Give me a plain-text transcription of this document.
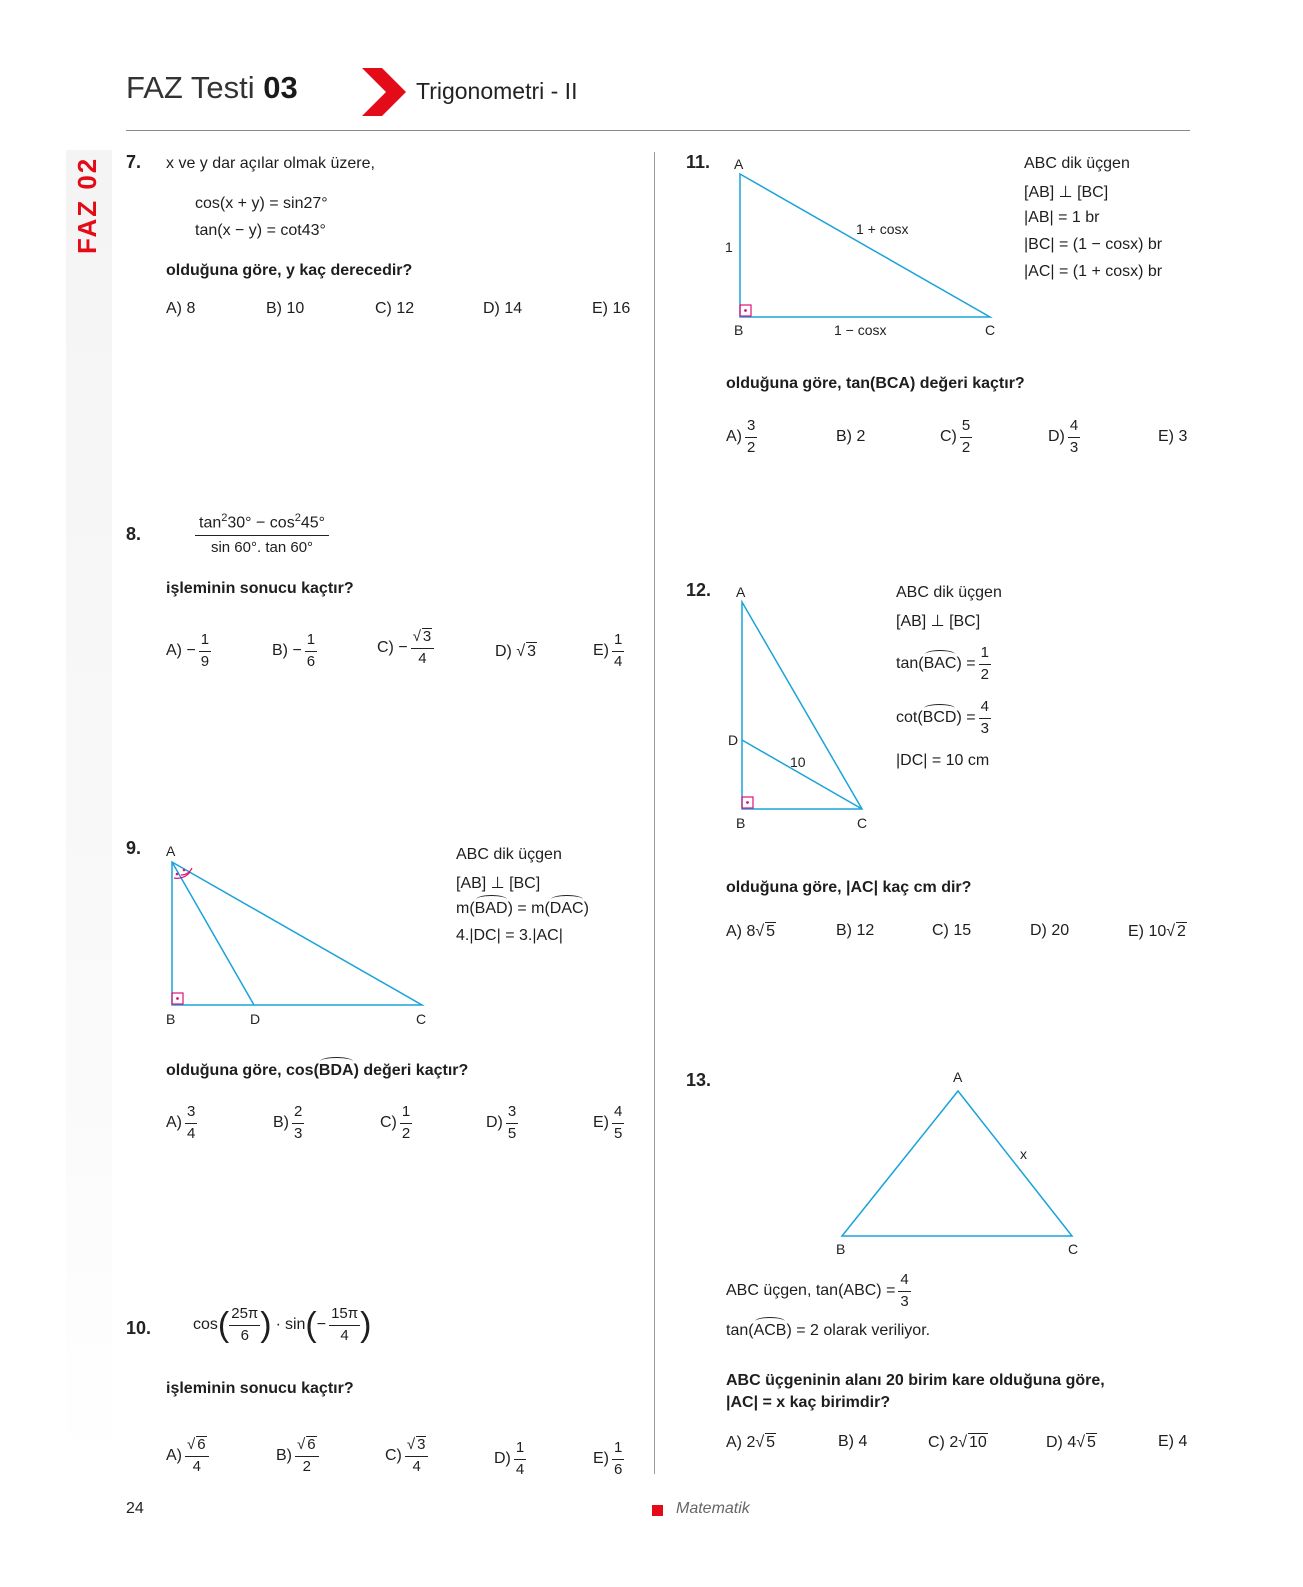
FAZ Testi 03	Trigonometri - II
FAZ 02 7. x ve y dar açılar olmak üzere,
cos(x + y) = sin27°
tan(x − y) = cot43°
olduğuna göre, y kaç derecedir?
A) 8	B) 10	C) 12	D) 14	E) 16
8.	$\frac{\tan^230^\circ - \cos^245^\circ}{\sin 60^\circ. \tan 60^\circ}$
işleminin sonucu kaçtır?
A)
− $\frac{1}{9}$	B)
− $\frac{1}{6}$	C)
− $\frac{√ 3}{4}$	D)
√ 3	$E) \frac{1}{4}$
9. A
B	D	C
ABC dik üçgen
[AB] ⊥ [BC]
m(BAD) = m(DAC)
4.|DC| = 3.|AC|
olduğuna göre, cos(BDA) değeri kaçtır?
$A) \frac{3}{4}$	$B) \frac{2}{3}$	$C) \frac{1}{2}$	$D) \frac{3}{5}$	$E) \frac{4}{5}$
10.	cos ( $\frac{25\pi}{6}$ ) · sin ( − $\frac{15\pi}{4}$ )
işleminin sonucu kaçtır?
$A) \frac{√ 6}{4}$	$B) \frac{√ 6}{2}$	$C) \frac{√ 3}{4}$	$D) \frac{1}{4}$	$E) \frac{1}{6}$
11. A
B	C
1
1 − cosx
1 + cosx
ABC dik üçgen
[AB] ⊥ [BC]
|AB| = 1 br
|BC| = (1 − cosx) br
|AC| = (1 + cosx) br
olduğuna göre, tan(BCA) değeri kaçtır?
$A) \frac{3}{2}$	B) 2	$C) \frac{5}{2}$	$D) \frac{4}{3}$	E) 3
12. A
D
B	C
10
ABC dik üçgen
[AB] ⊥ [BC]
tan( BAC ) = $\frac{1}{2}$
cot( BCD ) = $\frac{4}{3}$
|DC| = 10 cm
olduğuna göre, |AC| kaç cm dir?
A) 8 √ 5	B) 12	C) 15	D) 20	E) 10 √ 2
13.	A
B	C
x
ABC üçgen, $\tan(ABC) = \frac{4}{3}$
tan(ACB) = 2 olarak veriliyor.
ABC üçgeninin alanı 20 birim kare olduğuna göre,
|AC| = x kaç birimdir?
A) 2 √ 5	B) 4	C) 2 √ 10	D) 4 √ 5	E) 4
24	Matematik
